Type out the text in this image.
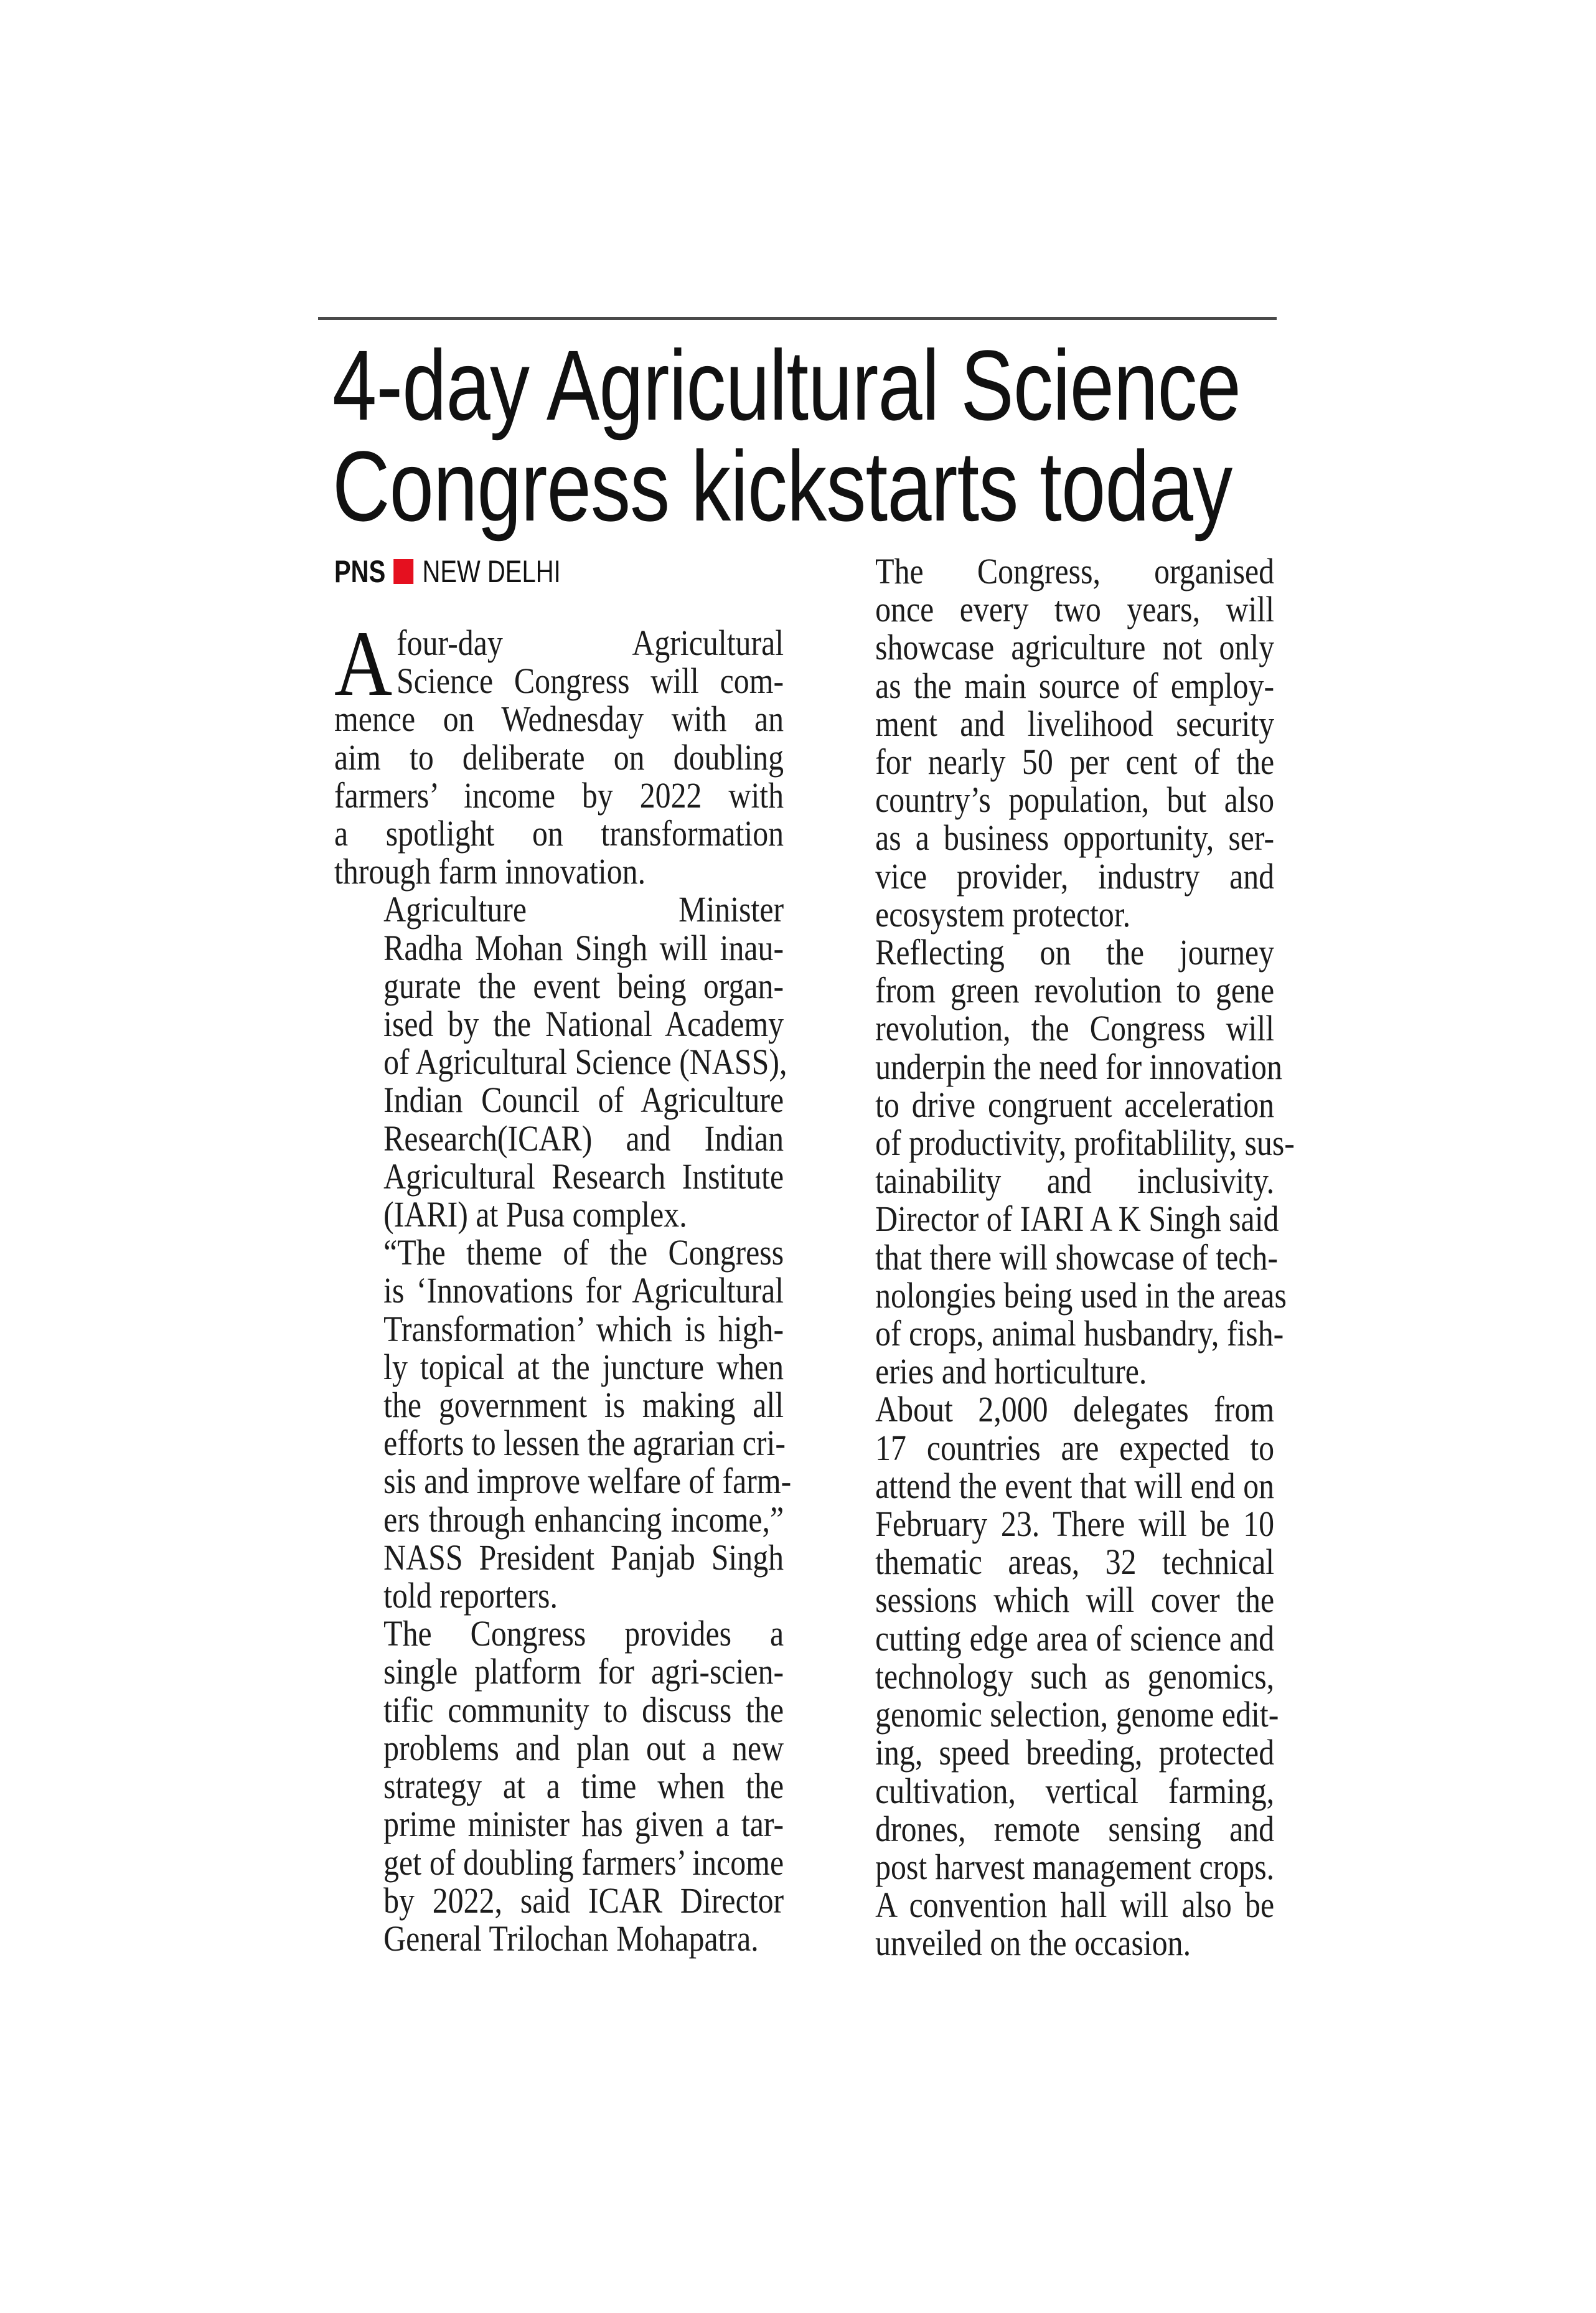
4-day Agricultural Science
Congress kickstarts today
PNS NEW DELHI
A four-day Agricultural
Science Congress will com-
mence on Wednesday with an
aim to deliberate on doubling
farmers’ income by 2022 with
a spotlight on transformation
through farm innovation.
Agriculture Minister
Radha Mohan Singh will inau-
gurate the event being organ-
ised by the National Academy
of Agricultural Science (NASS),
Indian Council of Agriculture
Research(ICAR) and Indian
Agricultural Research Institute
(IARI) at Pusa complex.
“The theme of the Congress
is ‘Innovations for Agricultural
Transformation’ which is high-
ly topical at the juncture when
the government is making all
efforts to lessen the agrarian cri-
sis and improve welfare of farm-
ers through enhancing income,”
NASS President Panjab Singh
told reporters.
The Congress provides a
single platform for agri-scien-
tific community to discuss the
problems and plan out a new
strategy at a time when the
prime minister has given a tar-
get of doubling farmers’ income
by 2022, said ICAR Director
General Trilochan Mohapatra.
The Congress, organised
once every two years, will
showcase agriculture not only
as the main source of employ-
ment and livelihood security
for nearly 50 per cent of the
country’s population, but also
as a business opportunity, ser-
vice provider, industry and
ecosystem protector.
Reflecting on the journey
from green revolution to gene
revolution, the Congress will
underpin the need for innovation
to drive congruent acceleration
of productivity, profitablility, sus-
tainability and inclusivity.
Director of IARI A K Singh said
that there will showcase of tech-
nolongies being used in the areas
of crops, animal husbandry, fish-
eries and horticulture.
About 2,000 delegates from
17 countries are expected to
attend the event that will end on
February 23. There will be 10
thematic areas, 32 technical
sessions which will cover the
cutting edge area of science and
technology such as genomics,
genomic selection, genome edit-
ing, speed breeding, protected
cultivation, vertical farming,
drones, remote sensing and
post harvest management crops.
A convention hall will also be
unveiled on the occasion.
